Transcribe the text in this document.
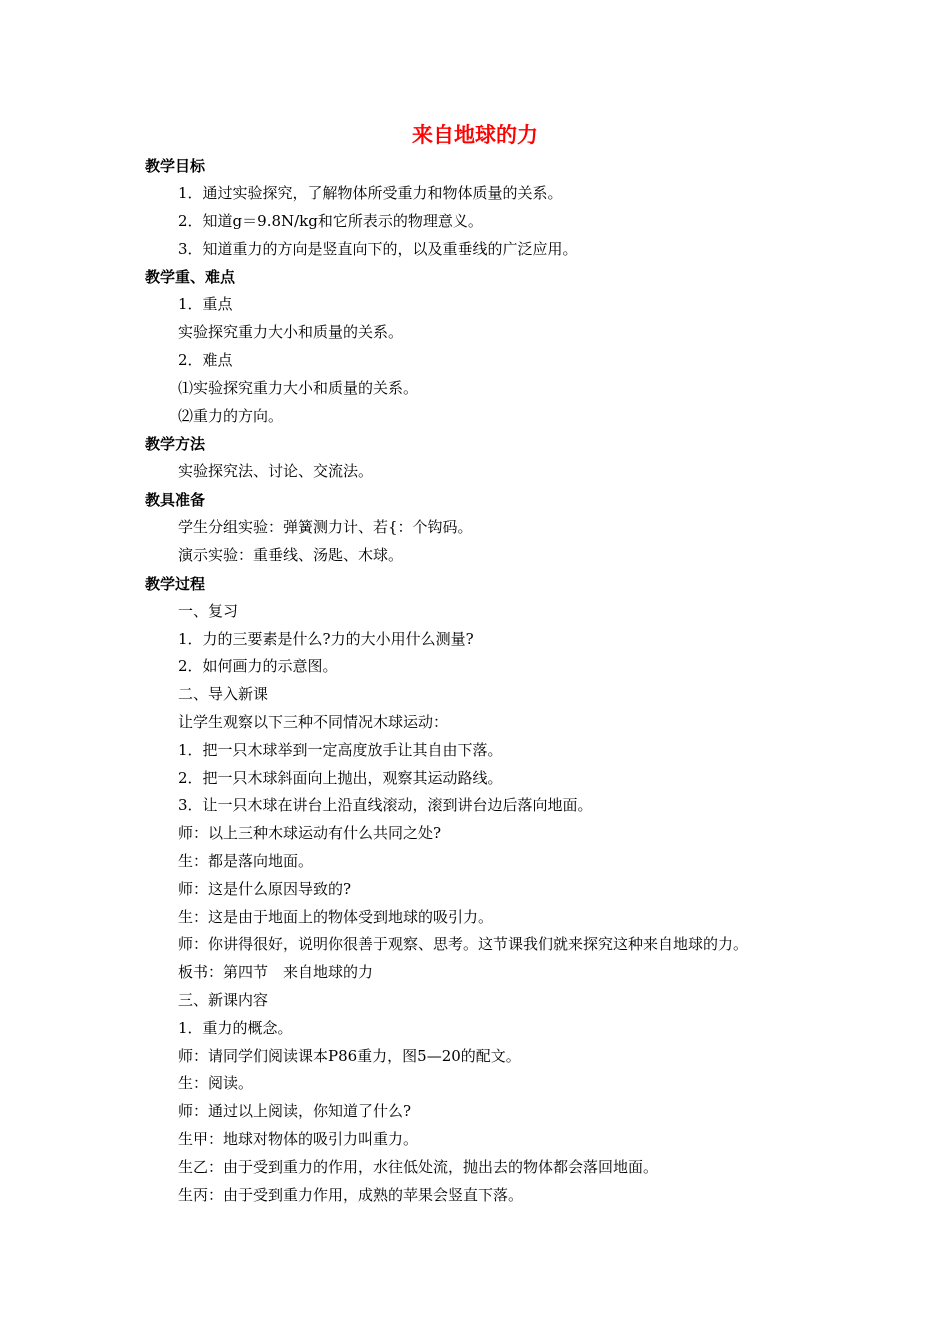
来自地球的力
教学目标
1．通过实验探究，了解物体所受重力和物体质量的关系。
2．知道g＝9.8N/kg和它所表示的物理意义。
3．知道重力的方向是竖直向下的，以及重垂线的广泛应用。
教学重、难点
1．重点
实验探究重力大小和质量的关系。
2．难点
⑴实验探究重力大小和质量的关系。
⑵重力的方向。
教学方法
实验探究法、讨论、交流法。
教具准备
学生分组实验：弹簧测力计、若{：个钩码。
演示实验：重垂线、汤匙、木球。
教学过程
一、复习
1．力的三要素是什么?力的大小用什么测量?
2．如何画力的示意图。
二、导入新课
让学生观察以下三种不同情况木球运动：
1．把一只木球举到一定高度放手让其自由下落。
2．把一只木球斜面向上抛出，观察其运动路线。
3．让一只木球在讲台上沿直线滚动，滚到讲台边后落向地面。
师：以上三种木球运动有什么共同之处?
生：都是落向地面。
师：这是什么原因导致的?
生：这是由于地面上的物体受到地球的吸引力。
师：你讲得很好，说明你很善于观察、思考。这节课我们就来探究这种来自地球的力。
板书：第四节　来自地球的力
三、新课内容
1．重力的概念。
师：请同学们阅读课本P86重力，图5—20的配文。
生：阅读。
师：通过以上阅读，你知道了什么?
生甲：地球对物体的吸引力叫重力。
生乙：由于受到重力的作用，水往低处流，抛出去的物体都会落回地面。
生丙：由于受到重力作用，成熟的苹果会竖直下落。
